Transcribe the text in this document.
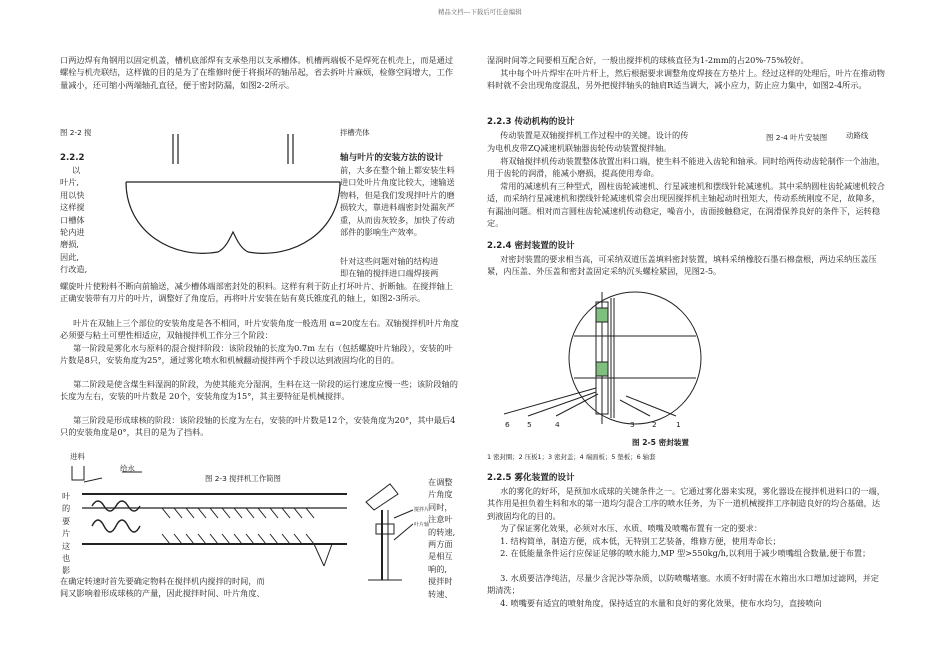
精品文档---下载后可任意编辑

口两边焊有角钢用以固定机盖，槽机底部焊有支承垫用以支承槽体。机槽两端板不是焊死在机壳上，而是通过螺栓与机壳联结，这样做的目的是为了在维修时便于将损坏的轴吊起，省去拆叶片麻烦，检修空间增大，工作量减小，还可缩小两端轴孔直径，便于密封防漏，如图2-2所示。

图 2-2 搅	拌槽壳体
2.2.2	轴与叶片的安装方法的设计
以
叶片,
用以快
这样搅
口槽体
轮内进
磨损,
因此,
行改造,

前，大多在整个轴上都安装生料进口处叶片角度比较大，速输送物料，但是我们发现拌叶片的磨损较大，靠进料端密封处漏灰严重，从而齿灰较多，加快了传动部件的影响生产效率。

针对这些问题对轴的结构进

即在轴的搅拌进口端焊接两

螺旋叶片使粉料不断向前输送，减少槽体端部密封处的积料。这样有利于防止打坏叶片、折断轴。在搅拌轴上正确安装带有刀片的叶片，调整好了角度后，再将叶片安装在钻有莫氏锥度孔的轴上，如图2-3所示。

叶片在双轴上三个部位的安装角度是各不相同，叶片安装角度一般选用 α=20度左右。双轴搅拌机叶片角度必须要与粘土可塑性相适应，双轴搅拌机工作分三个阶段：

第一阶段是雾化水与原料的混合搅拌阶段：该阶段轴的长度为0.7m 左右（包括螺旋叶片轴段），安装的叶片数是8只，安装角度为25°，通过雾化喷水和机械翻动搅拌两个手段以达到液固均化的目的。

第二阶段是使含煤生料湿润的阶段，为使其能充分湿润，生料在这一阶段的运行速度应慢一些；该阶段轴的长度为左右，安装的叶片数是 20个，安装角度为15°，其主要特征是机械搅拌。

第三阶段是形成球核的阶段：该阶段轴的长度为左右，安装的叶片数是12个，安装角度为20°，其中最后4只的安装角度是0°，其目的是为了挡料。

进料
给水
图 2-3 搅拌机工作简图
叶
的
要
片
这
也
影
搅拌片
叶片轴
在调整
片角度
同时，
注意叶
的转速,
两方面
是相互
响的,
搅拌时
转速、

在确定转速时首先要确定物料在搅拌机内搅拌的时间，而

间又影响着形成球核的产量，因此搅拌时间、叶片角度、

湿润时间等之间要相互配合好，一般出搅拌机的球核直径为1-2mm的占20%-75%较好。

其中每个叶片焊牢在叶片杆上，然后根据要求调整角度焊接在方垫片上。经过这样的处理后，叶片在推动物料时就不会出现角度混乱，另外把搅拌轴头的轴肩R适当调大，减小应力，防止应力集中，如图2-4所示。

2.2.3 传动机构的设计

传动装置是双轴搅拌机工作过程中的关键。设计的传	图 2-4 叶片安装图	动路线

为电机皮带ZQ减速机联轴器齿轮传动装置搅拌轴。

将双轴搅拌机传动装置整体放置出料口端，使生料不能进入齿轮和轴承。同时给两传动齿轮制作一个油池，用于齿轮的润滑，能减小磨损，提高使用寿命。

常用的减速机有三种型式，圆柱齿轮减速机、行星减速机和摆线针轮减速机。其中采纳圆柱齿轮减速机较合适，而采纳行星减速机和摆线针轮减速机常会出现因搅拌机主轴起动时扭矩大，传动系统刚度不足，故障多，有漏油问题。相对而言圆柱齿轮减速机传动稳定，噪音小，齿面接触稳定，在润滑保养良好的条件下，运转稳定。

2.2.4 密封装置的设计

对密封装置的要求相当高，可采纳双道压盖填料密封装置，填料采纳橡胶石墨石棉盘根，两边采纳压盖压紧，内压盖、外压盖和密封盖固定采纳沉头螺栓紧固，见图2-5。

6 5	4	3 2	1
图 2-5 密封装置
1 密封圈；2 压板1；3 密封盖；4 端面板；5 垫板；6 轴套
2.2.5 雾化装置的设计

水的雾化的好坏，是预加水成球的关键条件之一。它通过雾化器来实现，雾化器设在搅拌机进料口的一端，其作用是担负着生料和水的第一道均匀混合工序的喷水任务，为下一道机械搅拌工序制造良好的均合基础，达到液固均化的目的。

为了保证雾化效果，必须对水压、水质、喷嘴及喷嘴布置有一定的要求：

1. 结构简单，制造方便，成本低，无特别工艺装备，维修方便，使用寿命长；

2. 在低能量条件运行应保证足够的喷水能力,MP 型>550kg/h,以利用于减少喷嘴组合数量,便于布置；

3. 水质要洁净纯洁，尽量少含泥沙等杂质，以防喷嘴堵塞。水质不好时需在水箱出水口增加过滤网，并定期清洗；

4. 喷嘴要有适宜的喷射角度，保持适宜的水量和良好的雾化效果，使布水均匀，直接喷向
